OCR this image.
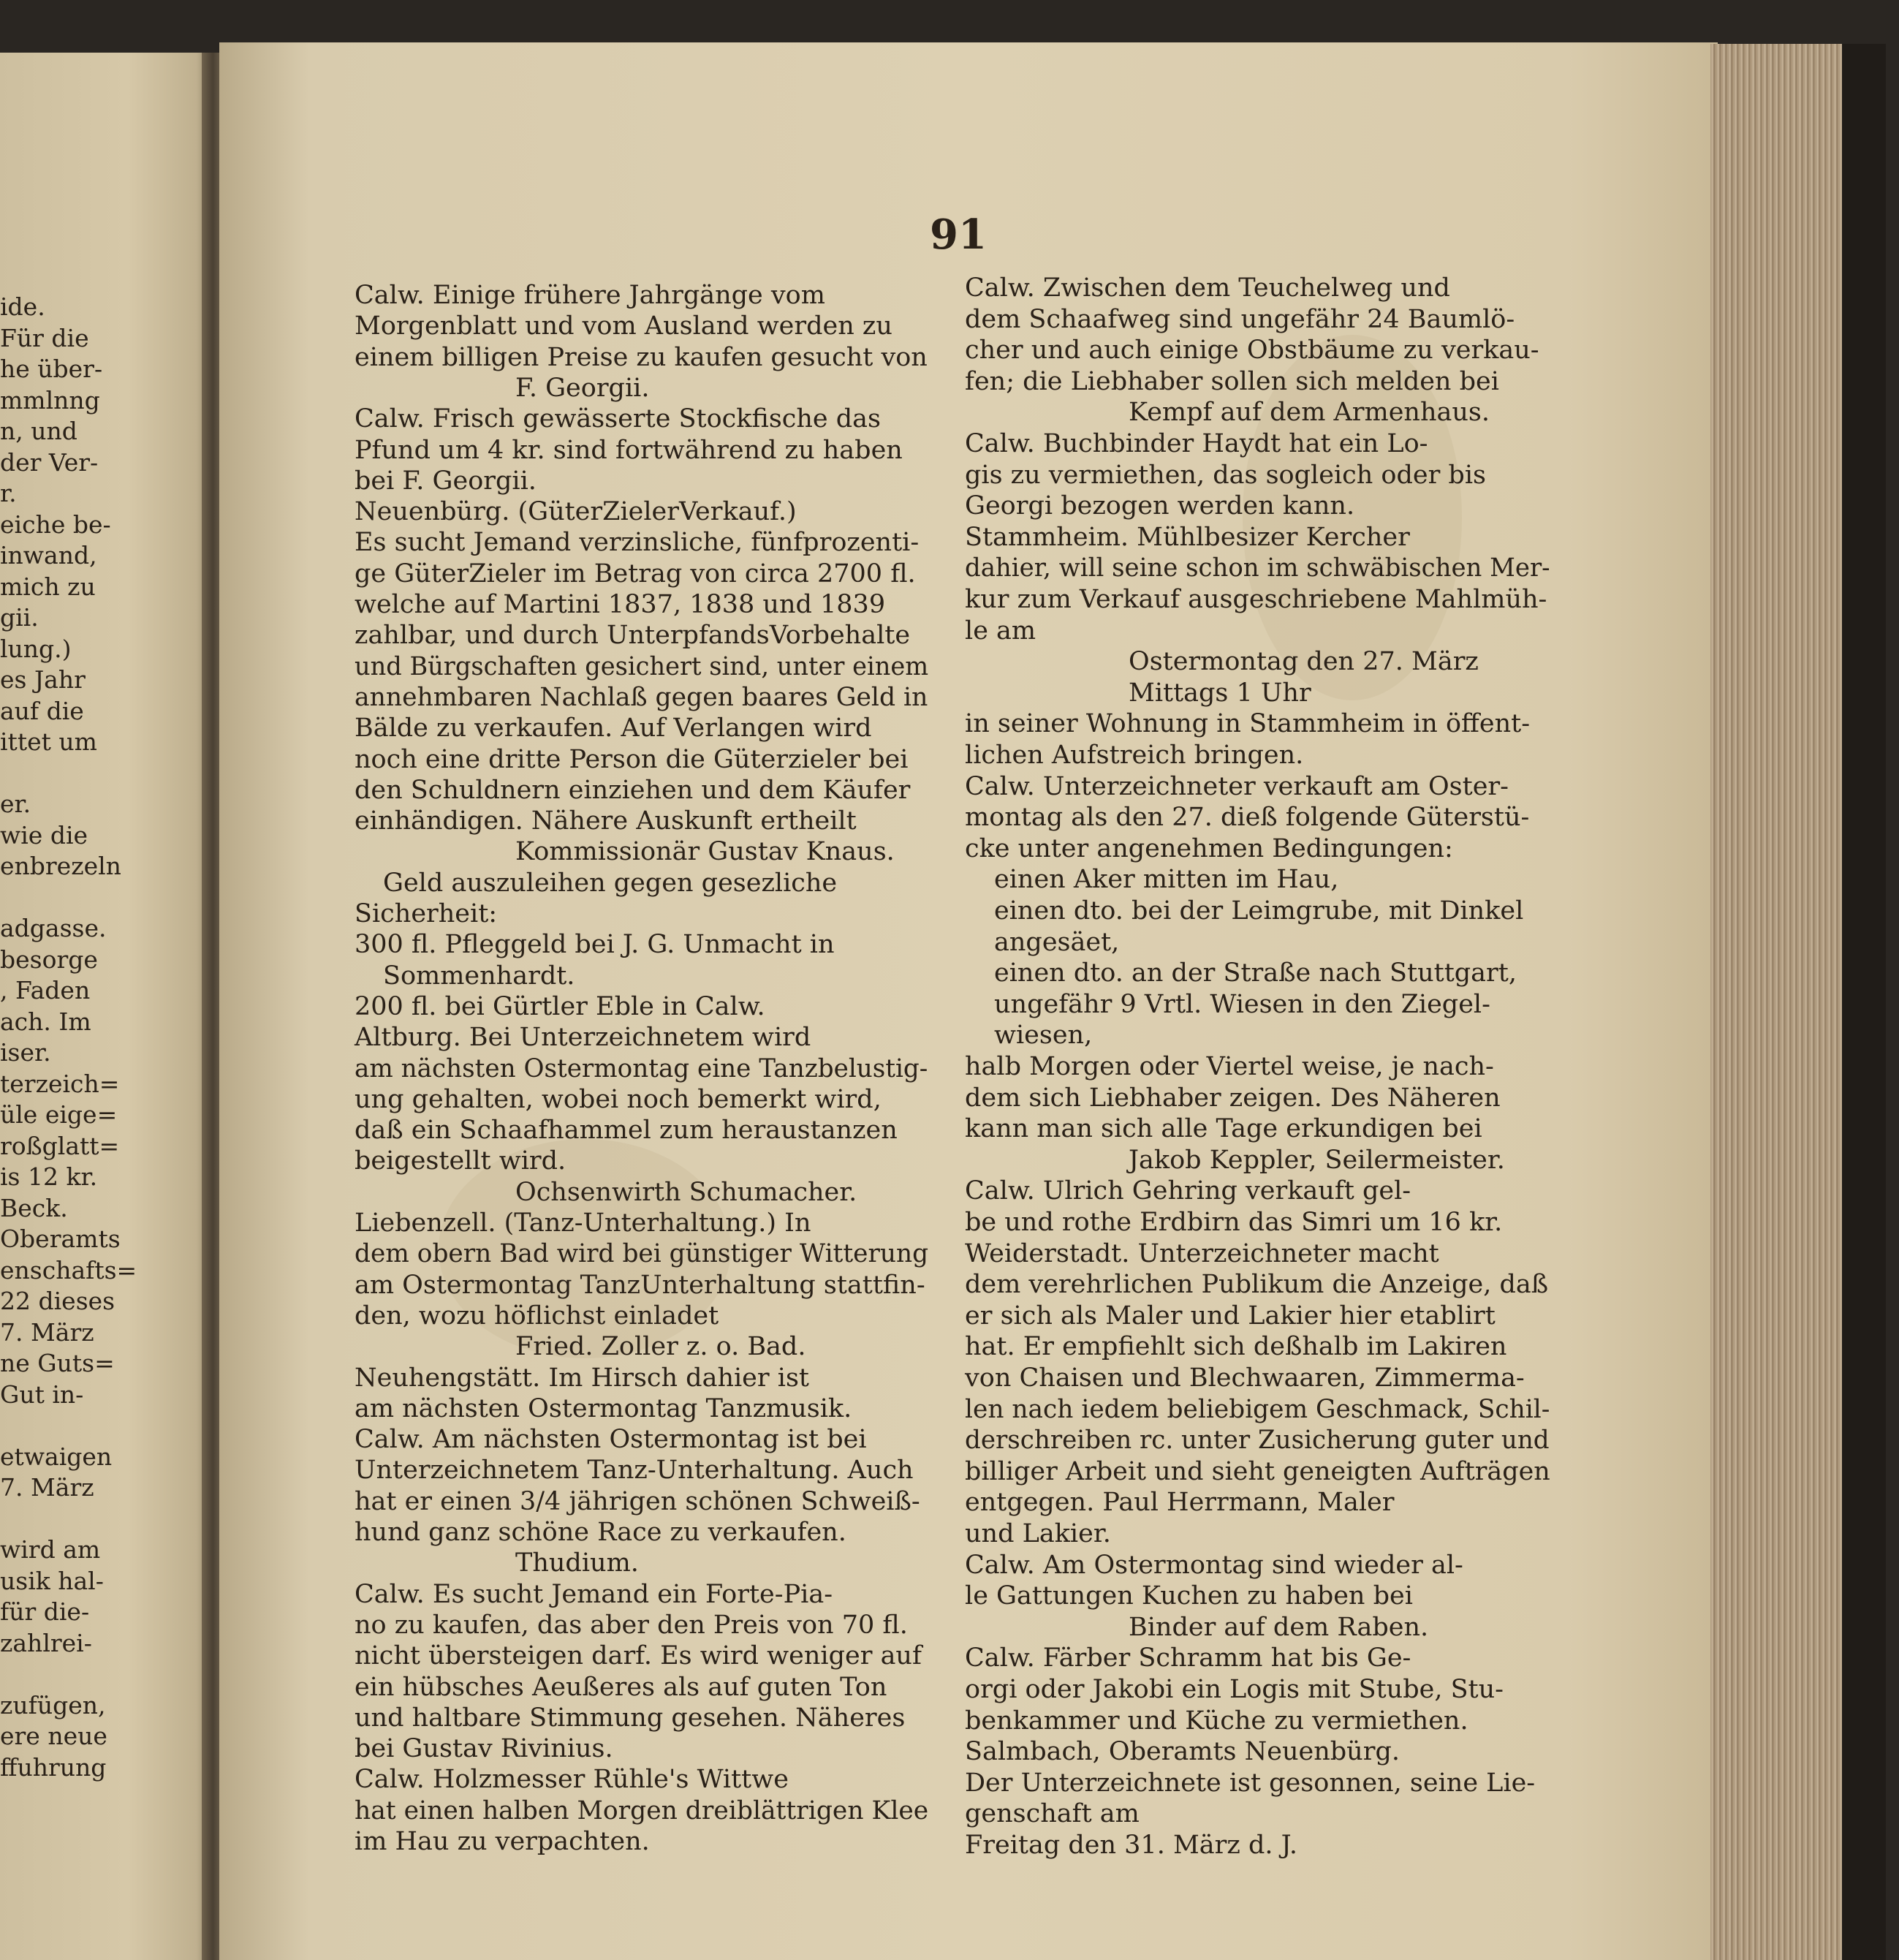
91
ide.
Für die
he über-
mmlnng
n, und
der Ver-
r.
eiche be-
inwand,
mich zu
gii.
lung.)
es Jahr
auf die
ittet um
er.
wie die
enbrezeln
adgasse.
besorge
, Faden
ach. Im
iser.
terzeich=
üle eige=
roßglatt=
is 12 kr.
Beck.
Oberamts
enschafts=
22 dieses
7. März
ne Guts=
Gut in-
etwaigen
7. März
wird am
usik hal-
für die-
zahlrei-
zufügen,
ere neue
ffuhrung
Calw. Einige frühere Jahrgänge vom
Morgenblatt und vom Ausland werden zu
einem billigen Preise zu kaufen gesucht von
F. Georgii.
Calw. Frisch gewässerte Stockfische das
Pfund um 4 kr. sind fortwährend zu haben
bei F. Georgii.
Neuenbürg. (GüterZielerVerkauf.)
Es sucht Jemand verzinsliche, fünfprozenti-
ge GüterZieler im Betrag von circa 2700 fl.
welche auf Martini 1837, 1838 und 1839
zahlbar, und durch UnterpfandsVorbehalte
und Bürgschaften gesichert sind, unter einem
annehmbaren Nachlaß gegen baares Geld in
Bälde zu verkaufen. Auf Verlangen wird
noch eine dritte Person die Güterzieler bei
den Schuldnern einziehen und dem Käufer
einhändigen. Nähere Auskunft ertheilt
Kommissionär Gustav Knaus.
Geld auszuleihen gegen gesezliche
Sicherheit:
300 fl. Pfleggeld bei J. G. Unmacht in
Sommenhardt.
200 fl. bei Gürtler Eble in Calw.
Altburg. Bei Unterzeichnetem wird
am nächsten Ostermontag eine Tanzbelustig-
ung gehalten, wobei noch bemerkt wird,
daß ein Schaafhammel zum heraustanzen
beigestellt wird.
Ochsenwirth Schumacher.
Liebenzell. (Tanz-Unterhaltung.) In
dem obern Bad wird bei günstiger Witterung
am Ostermontag TanzUnterhaltung stattfin-
den, wozu höflichst einladet
Fried. Zoller z. o. Bad.
Neuhengstätt. Im Hirsch dahier ist
am nächsten Ostermontag Tanzmusik.
Calw. Am nächsten Ostermontag ist bei
Unterzeichnetem Tanz-Unterhaltung. Auch
hat er einen 3/4 jährigen schönen Schweiß-
hund ganz schöne Race zu verkaufen.
Thudium.
Calw. Es sucht Jemand ein Forte-Pia-
no zu kaufen, das aber den Preis von 70 fl.
nicht übersteigen darf. Es wird weniger auf
ein hübsches Aeußeres als auf guten Ton
und haltbare Stimmung gesehen. Näheres
bei Gustav Rivinius.
Calw. Holzmesser Rühle's Wittwe
hat einen halben Morgen dreiblättrigen Klee
im Hau zu verpachten.
Calw. Zwischen dem Teuchelweg und
dem Schaafweg sind ungefähr 24 Baumlö-
cher und auch einige Obstbäume zu verkau-
fen; die Liebhaber sollen sich melden bei
Kempf auf dem Armenhaus.
Calw. Buchbinder Haydt hat ein Lo-
gis zu vermiethen, das sogleich oder bis
Georgi bezogen werden kann.
Stammheim. Mühlbesizer Kercher
dahier, will seine schon im schwäbischen Mer-
kur zum Verkauf ausgeschriebene Mahlmüh-
le am
Ostermontag den 27. März
Mittags 1 Uhr
in seiner Wohnung in Stammheim in öffent-
lichen Aufstreich bringen.
Calw. Unterzeichneter verkauft am Oster-
montag als den 27. dieß folgende Güterstü-
cke unter angenehmen Bedingungen:
einen Aker mitten im Hau,
einen dto. bei der Leimgrube, mit Dinkel
angesäet,
einen dto. an der Straße nach Stuttgart,
ungefähr 9 Vrtl. Wiesen in den Ziegel-
wiesen,
halb Morgen oder Viertel weise, je nach-
dem sich Liebhaber zeigen. Des Näheren
kann man sich alle Tage erkundigen bei
Jakob Keppler, Seilermeister.
Calw. Ulrich Gehring verkauft gel-
be und rothe Erdbirn das Simri um 16 kr.
Weiderstadt. Unterzeichneter macht
dem verehrlichen Publikum die Anzeige, daß
er sich als Maler und Lakier hier etablirt
hat. Er empfiehlt sich deßhalb im Lakiren
von Chaisen und Blechwaaren, Zimmerma-
len nach iedem beliebigem Geschmack, Schil-
derschreiben rc. unter Zusicherung guter und
billiger Arbeit und sieht geneigten Aufträgen
entgegen. Paul Herrmann, Maler
und Lakier.
Calw. Am Ostermontag sind wieder al-
le Gattungen Kuchen zu haben bei
Binder auf dem Raben.
Calw. Färber Schramm hat bis Ge-
orgi oder Jakobi ein Logis mit Stube, Stu-
benkammer und Küche zu vermiethen.
Salmbach, Oberamts Neuenbürg.
Der Unterzeichnete ist gesonnen, seine Lie-
genschaft am
Freitag den 31. März d. J.
